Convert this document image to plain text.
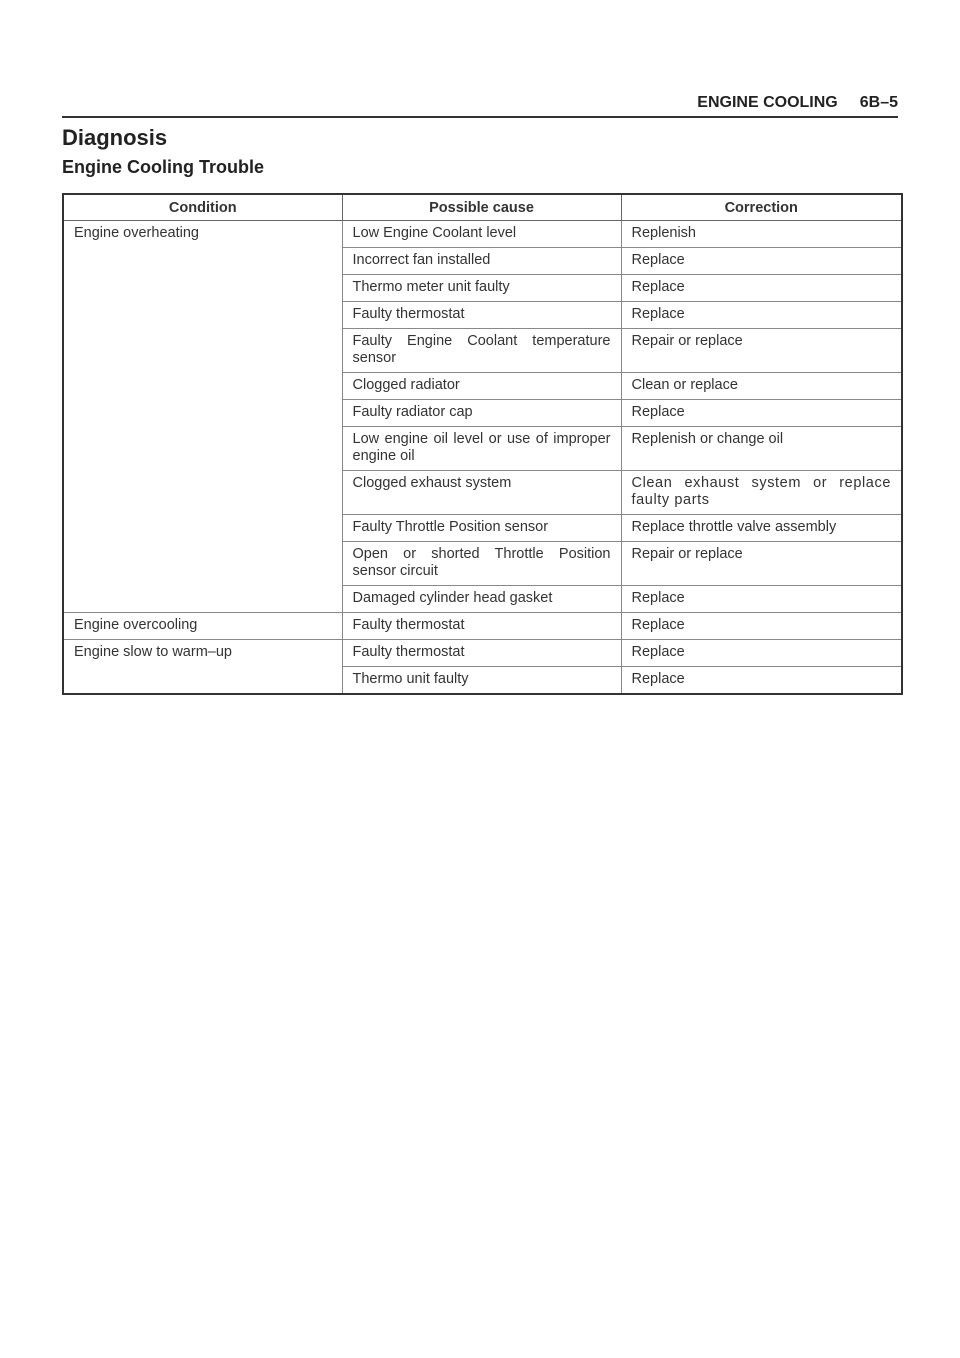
ENGINE COOLING 6B–5
Diagnosis
Engine Cooling Trouble
Condition	Possible cause	Correction
Engine overheating	Low Engine Coolant level	Replenish
	Incorrect fan installed	Replace
	Thermo meter unit faulty	Replace
	Faulty thermostat	Replace
	Faulty Engine Coolant temperature sensor	Repair or replace
	Clogged radiator	Clean or replace
	Faulty radiator cap	Replace
	Low engine oil level or use of improper engine oil	Replenish or change oil
	Clogged exhaust system	Clean exhaust system or replace faulty parts
	Faulty Throttle Position sensor	Replace throttle valve assembly
	Open or shorted Throttle Position sensor circuit	Repair or replace
	Damaged cylinder head gasket	Replace
Engine overcooling	Faulty thermostat	Replace
Engine slow to warm–up	Faulty thermostat	Replace
	Thermo unit faulty	Replace
